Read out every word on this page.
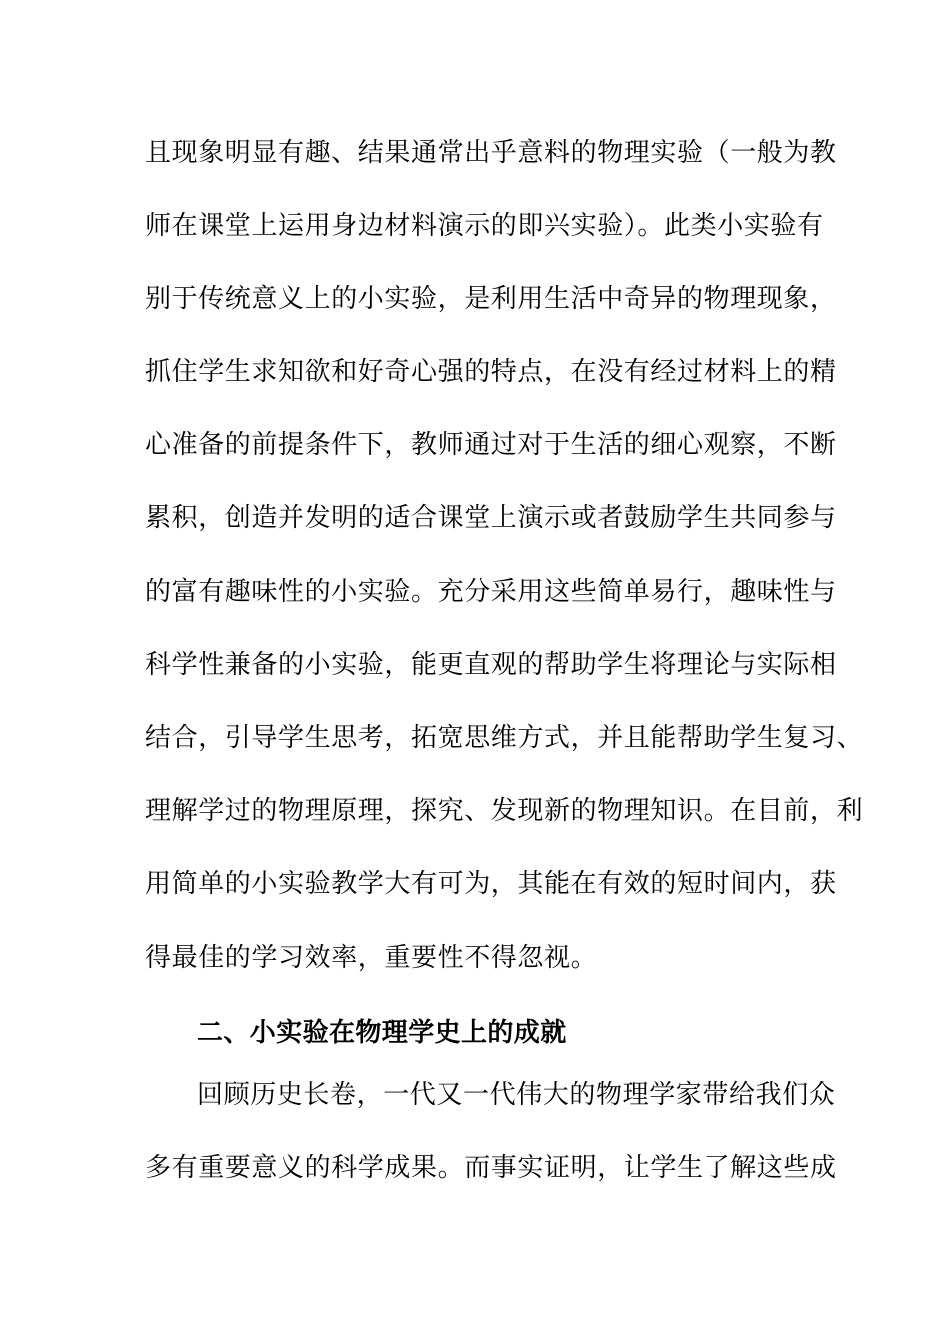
且现象明显有趣、结果通常出乎意料的物理实验（一般为教
师在课堂上运用身边材料演示的即兴实验）。此类小实验有
别于传统意义上的小实验，是利用生活中奇异的物理现象，
抓住学生求知欲和好奇心强的特点，在没有经过材料上的精
心准备的前提条件下，教师通过对于生活的细心观察，不断
累积，创造并发明的适合课堂上演示或者鼓励学生共同参与
的富有趣味性的小实验。充分采用这些简单易行，趣味性与
科学性兼备的小实验，能更直观的帮助学生将理论与实际相
结合，引导学生思考，拓宽思维方式，并且能帮助学生复习、
理解学过的物理原理，探究、发现新的物理知识。在目前，利
用简单的小实验教学大有可为，其能在有效的短时间内，获
得最佳的学习效率，重要性不得忽视。
二、小实验在物理学史上的成就
回顾历史长卷，一代又一代伟大的物理学家带给我们众
多有重要意义的科学成果。而事实证明，让学生了解这些成
